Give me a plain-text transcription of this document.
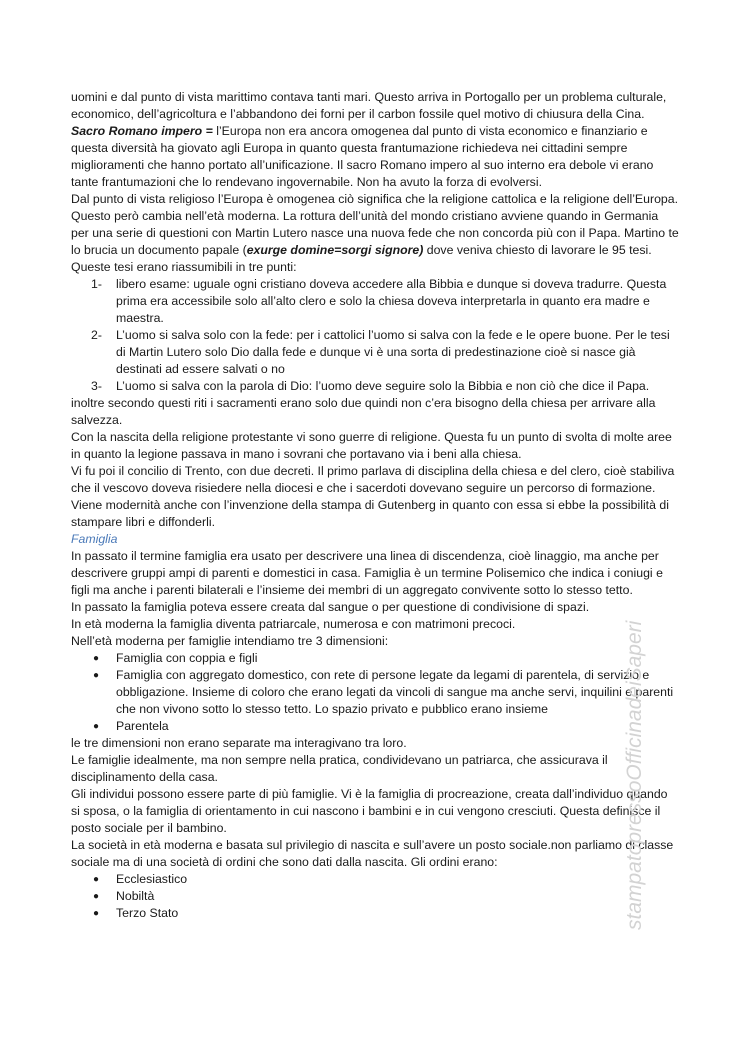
uomini e dal punto di vista marittimo contava tanti mari. Questo arriva in Portogallo per un problema culturale, economico, dell’agricoltura e l’abbandono dei forni per il carbon fossile quel motivo di chiusura della Cina.

Sacro Romano impero = l’Europa non era ancora omogenea dal punto di vista economico e finanziario e questa diversità ha giovato agli Europa in quanto questa frantumazione richiedeva nei cittadini sempre miglioramenti che hanno portato all’unificazione. Il sacro Romano impero al suo interno era debole vi erano tante frantumazioni che lo rendevano ingovernabile. Non ha avuto la forza di evolversi.

Dal punto di vista religioso l’Europa è omogenea ciò significa che la religione cattolica e la religione dell’Europa. Questo però cambia nell’età moderna. La rottura dell’unità del mondo cristiano avviene quando in Germania per una serie di questioni con Martin Lutero nasce una nuova fede che non concorda più con il Papa. Martino te lo brucia un documento papale (exurge domine=sorgi signore) dove veniva chiesto di lavorare le 95 tesi.

Queste tesi erano riassumibili in tre punti:

1- libero esame: uguale ogni cristiano doveva accedere alla Bibbia e dunque si doveva tradurre. Questa prima era accessibile solo all’alto clero e solo la chiesa doveva interpretarla in quanto era madre e maestra.
2- L’uomo si salva solo con la fede: per i cattolici l’uomo si salva con la fede e le opere buone. Per le tesi di Martin Lutero solo Dio dalla fede e dunque vi è una sorta di predestinazione cioè si nasce già destinati ad essere salvati o no
3- L’uomo si salva con la parola di Dio: l’uomo deve seguire solo la Bibbia e non ciò che dice il Papa.

inoltre secondo questi riti i sacramenti erano solo due quindi non c’era bisogno della chiesa per arrivare alla salvezza.

Con la nascita della religione protestante vi sono guerre di religione. Questa fu un punto di svolta di molte aree in quanto la legione passava in mano i sovrani che portavano via i beni alla chiesa.

Vi fu poi il concilio di Trento, con due decreti. Il primo parlava di disciplina della chiesa e del clero, cioè stabiliva che il vescovo doveva risiedere nella diocesi e che i sacerdoti dovevano seguire un percorso di formazione.

Viene modernità anche con l’invenzione della stampa di Gutenberg in quanto con essa si ebbe la possibilità di stampare libri e diffonderli.

Famiglia

In passato il termine famiglia era usato per descrivere una linea di discendenza, cioè linaggio, ma anche per descrivere gruppi ampi di parenti e domestici in casa. Famiglia è un termine Polisemico che indica i coniugi e figli ma anche i parenti bilaterali e l’insieme dei membri di un aggregato convivente sotto lo stesso tetto.

In passato la famiglia poteva essere creata dal sangue o per questione di condivisione di spazi.

In età moderna la famiglia diventa patriarcale, numerosa e con matrimoni precoci.

Nell’età moderna per famiglie intendiamo tre 3 dimensioni:

● Famiglia con coppia e figli
● Famiglia con aggregato domestico, con rete di persone legate da legami di parentela, di servizio e obbligazione. Insieme di coloro che erano legati da vincoli di sangue ma anche servi, inquilini e parenti che non vivono sotto lo stesso tetto. Lo spazio privato e pubblico erano insieme
● Parentela

le tre dimensioni non erano separate ma interagivano tra loro.

Le famiglie idealmente, ma non sempre nella pratica, condividevano un patriarca, che assicurava il disciplinamento della casa.

Gli individui possono essere parte di più famiglie. Vi è la famiglia di procreazione, creata dall’individuo quando si sposa, o la famiglia di orientamento in cui nascono i bambini e in cui vengono cresciuti. Questa definisce il posto sociale per il bambino.

La società in età moderna e basata sul privilegio di nascita e sull’avere un posto sociale.non parliamo di classe sociale ma di una società di ordini che sono dati dalla nascita. Gli ordini erano:

● Ecclesiastico
● Nobiltà
● Terzo Stato	stampatopressoOfficinadeiSaperi
